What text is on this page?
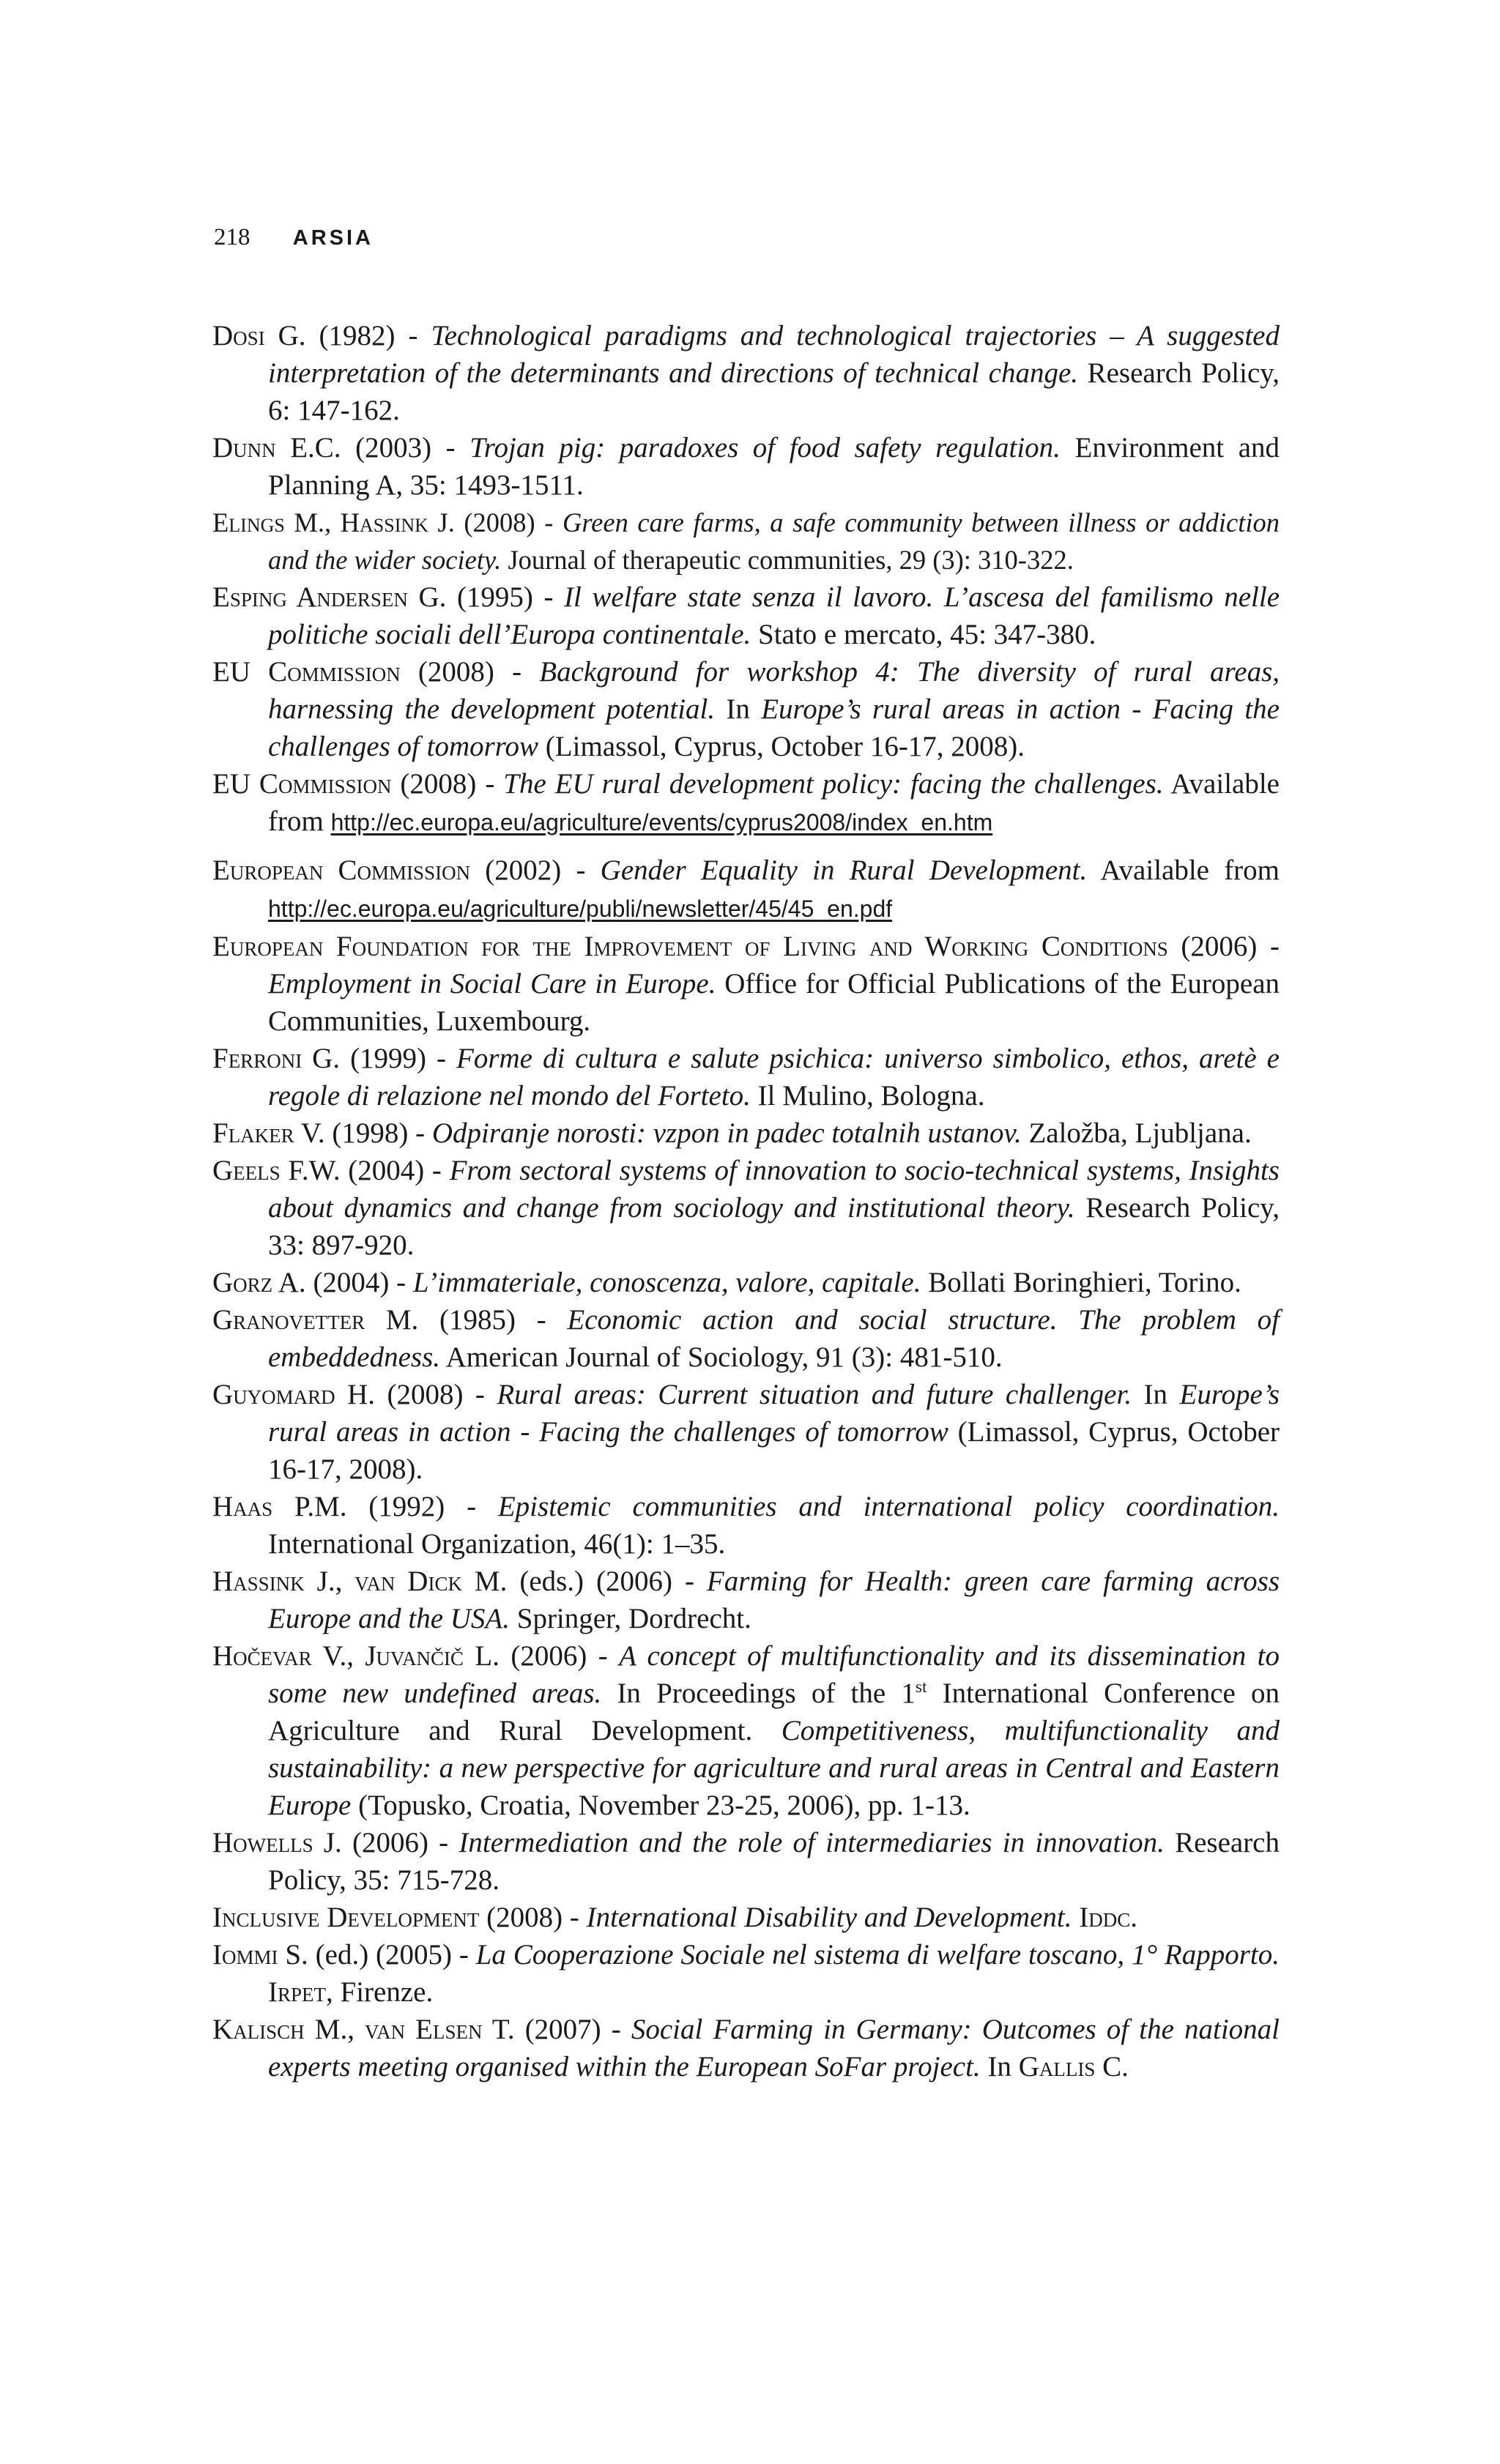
218 ARSIA

Dosi G. (1982) - Technological paradigms and technological trajectories – A suggested interpretation of the determinants and directions of technical change. Research Policy, 6: 147-162.

Dunn E.C. (2003) - Trojan pig: paradoxes of food safety regulation. Environment and Planning A, 35: 1493-1511.

Elings M., Hassink J. (2008) - Green care farms, a safe community between illness or addiction and the wider society. Journal of therapeutic communities, 29 (3): 310-322.

Esping Andersen G. (1995) - Il welfare state senza il lavoro. L’ascesa del familismo nelle politiche sociali dell’Europa continentale. Stato e mercato, 45: 347-380.

EU Commission (2008) - Background for workshop 4: The diversity of rural areas, harnessing the development potential. In Europe’s rural areas in action - Facing the challenges of tomorrow (Limassol, Cyprus, October 16-17, 2008).

EU Commission (2008) - The EU rural development policy: facing the challenges. Available from http://ec.europa.eu/agriculture/events/cyprus2008/index_en.htm

European Commission (2002) - Gender Equality in Rural Development. Available from http://ec.europa.eu/agriculture/publi/newsletter/45/45_en.pdf

European Foundation for the Improvement of Living and Working Conditions (2006) - Employment in Social Care in Europe. Office for Official Publications of the European Communities, Luxembourg.

Ferroni G. (1999) - Forme di cultura e salute psichica: universo simbolico, ethos, aretè e regole di relazione nel mondo del Forteto. Il Mulino, Bologna.

Flaker V. (1998) - Odpiranje norosti: vzpon in padec totalnih ustanov. Založba, Ljubljana.

Geels F.W. (2004) - From sectoral systems of innovation to socio-technical systems, Insights about dynamics and change from sociology and institutional theory. Research Policy, 33: 897-920.

Gorz A. (2004) - L’immateriale, conoscenza, valore, capitale. Bollati Boringhieri, Torino.

Granovetter M. (1985) - Economic action and social structure. The problem of embeddedness. American Journal of Sociology, 91 (3): 481-510.

Guyomard H. (2008) - Rural areas: Current situation and future challenger. In Europe’s rural areas in action - Facing the challenges of tomorrow (Limassol, Cyprus, October 16-17, 2008).

Haas P.M. (1992) - Epistemic communities and international policy coordination. International Organization, 46(1): 1–35.

Hassink J., van Dick M. (eds.) (2006) - Farming for Health: green care farming across Europe and the USA. Springer, Dordrecht.

Hočevar V., Juvančič L. (2006) - A concept of multifunctionality and its dissemination to some new undefined areas. In Proceedings of the 1st International Conference on Agriculture and Rural Development. Competitiveness, multifunctionality and sustainability: a new perspective for agriculture and rural areas in Central and Eastern Europe (Topusko, Croatia, November 23-25, 2006), pp. 1-13.

Howells J. (2006) - Intermediation and the role of intermediaries in innovation. Research Policy, 35: 715-728.

Inclusive Development (2008) - International Disability and Development. Iddc.

Iommi S. (ed.) (2005) - La Cooperazione Sociale nel sistema di welfare toscano, 1° Rapporto. Irpet, Firenze.

Kalisch M., van Elsen T. (2007) - Social Farming in Germany: Outcomes of the national experts meeting organised within the European SoFar project. In Gallis C.
